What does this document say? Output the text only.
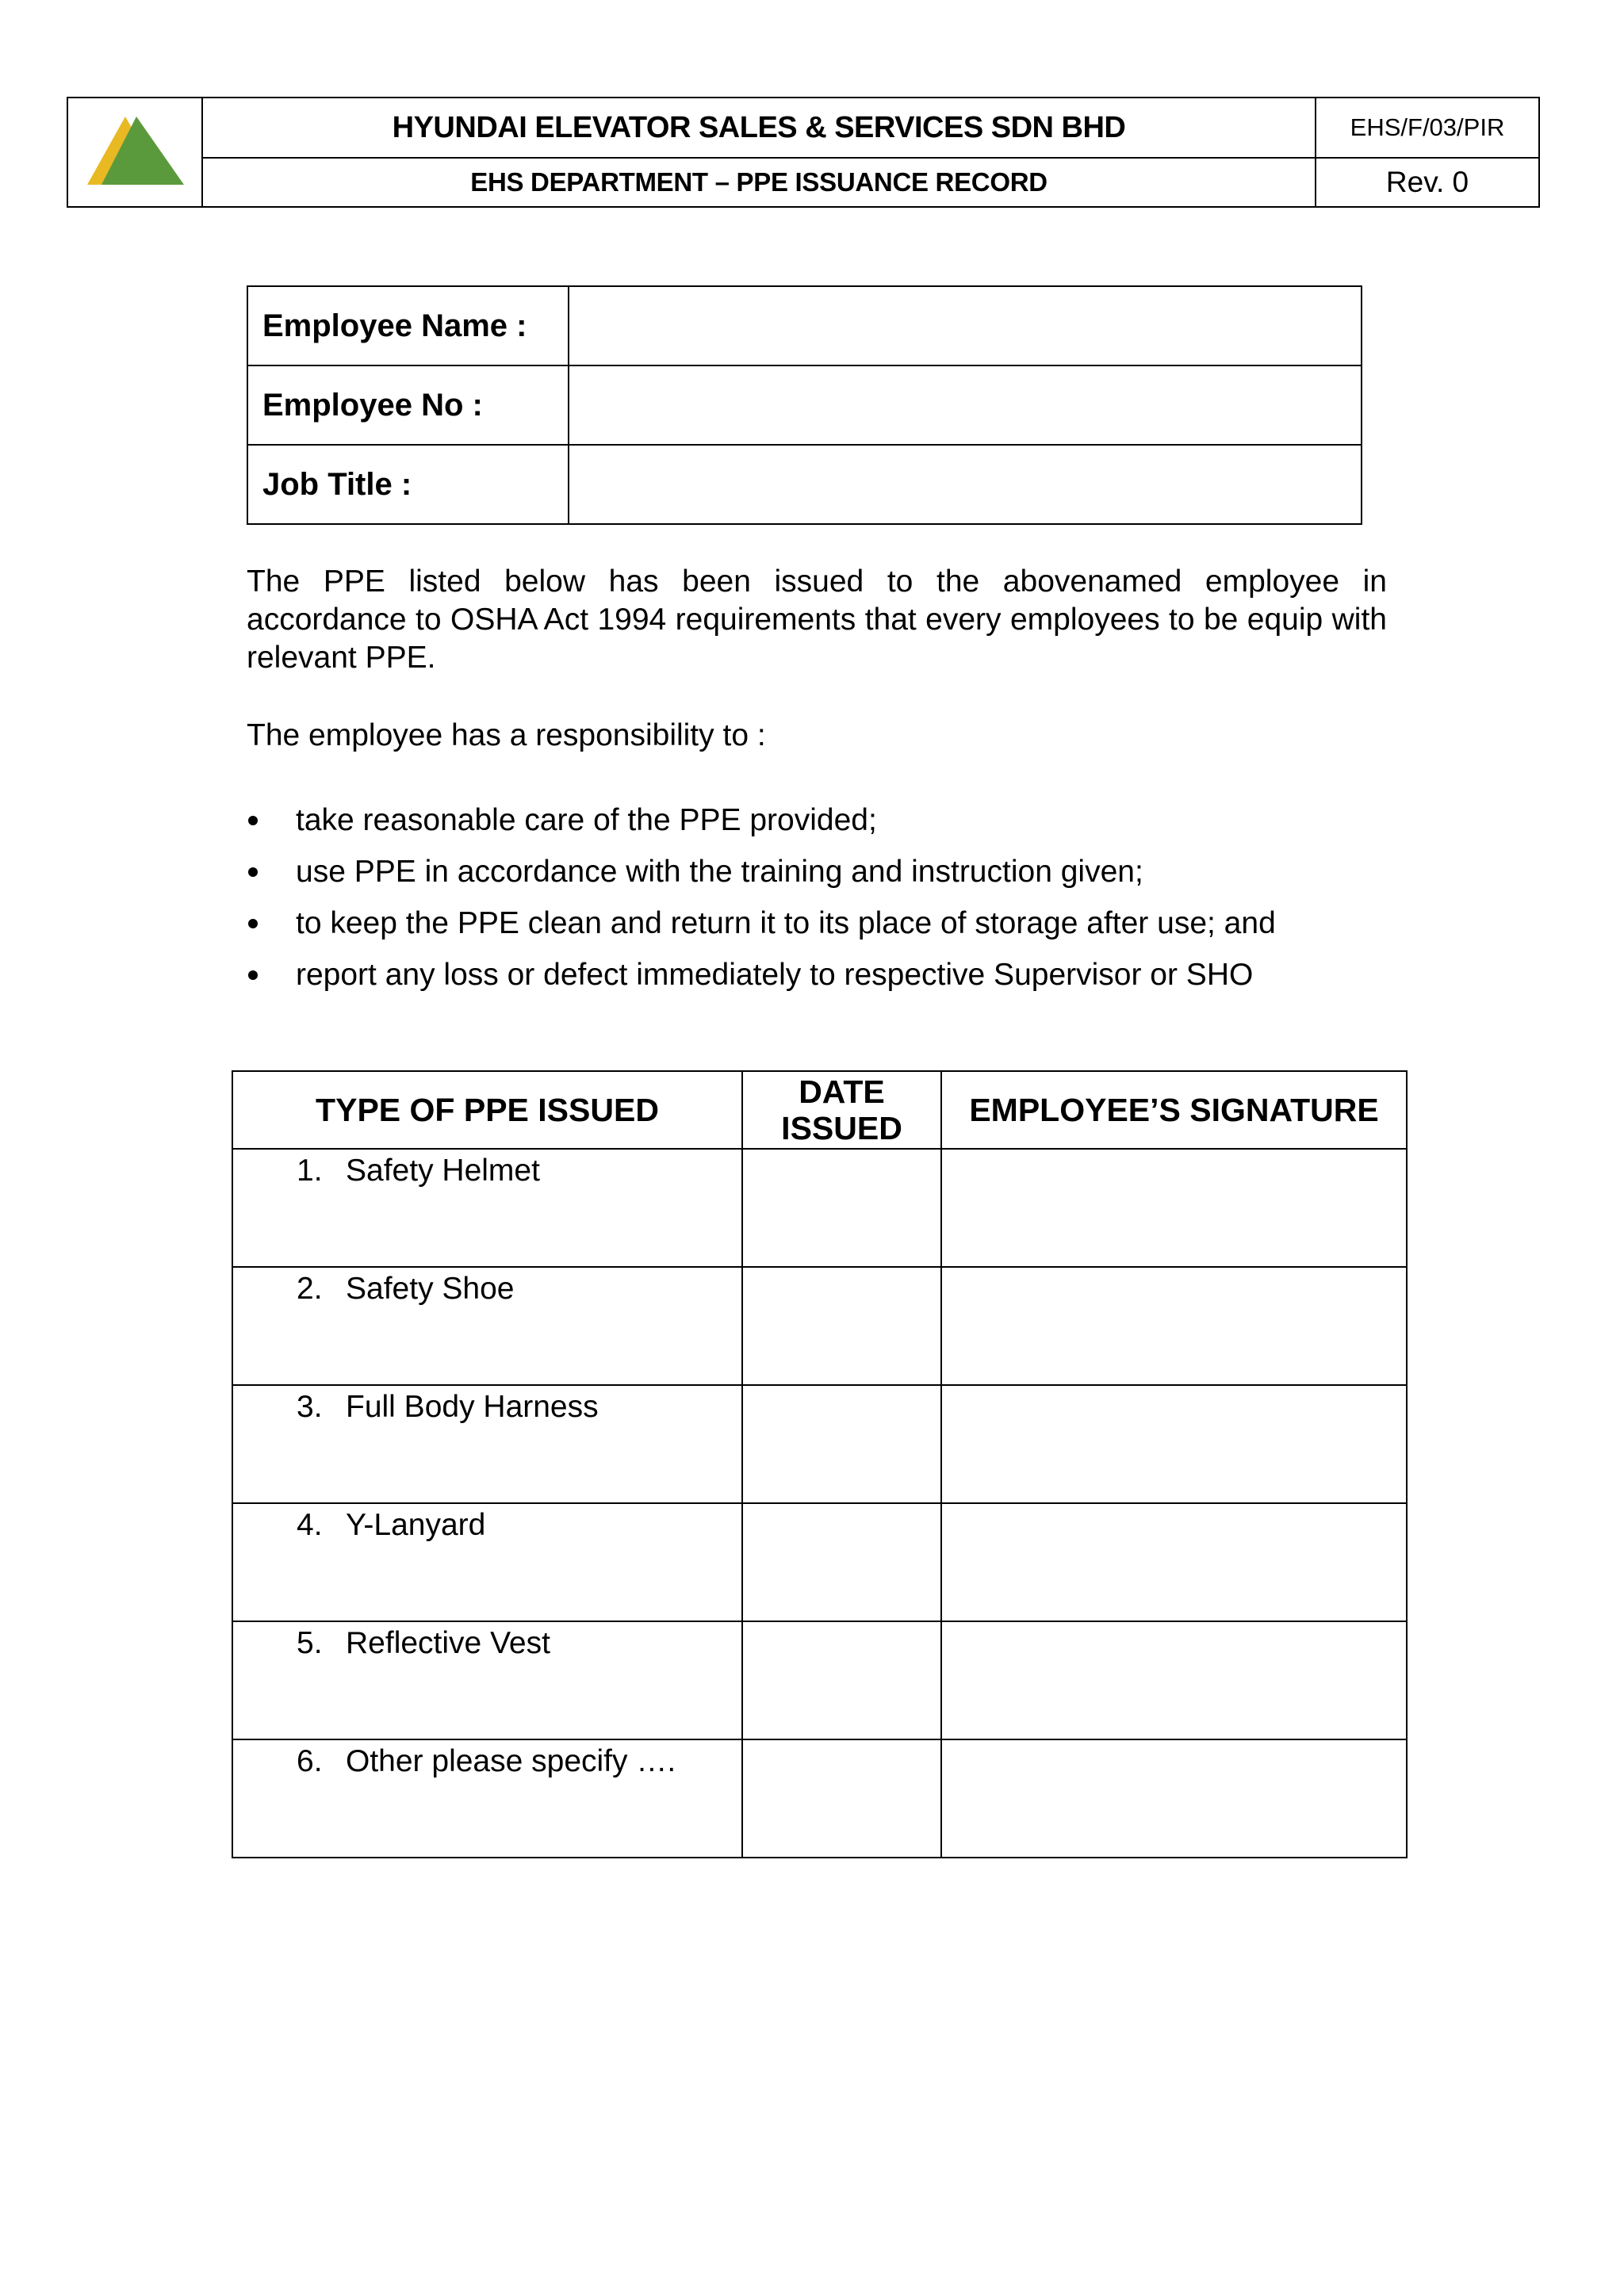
	HYUNDAI ELEVATOR SALES & SERVICES SDN BHD	EHS/F/03/PIR
	EHS DEPARTMENT – PPE ISSUANCE RECORD	Rev. 0
Employee Name :	
Employee No :	
Job Title :	
The PPE listed below has been issued to the abovenamed employee in accordance to OSHA Act 1994 requirements that every employees to be equip with relevant PPE.
The employee has a responsibility to :
take reasonable care of the PPE provided;
use PPE in accordance with the training and instruction given;
to keep the PPE clean and return it to its place of storage after use; and
report any loss or defect immediately to respective Supervisor or SHO
TYPE OF PPE ISSUED	DATE ISSUED	EMPLOYEE’S SIGNATURE

1. Safety Helmet		

2. Safety Shoe		

3. Full Body Harness		

4. Y-Lanyard		

5. Reflective Vest		

6. Other please specify ….		
